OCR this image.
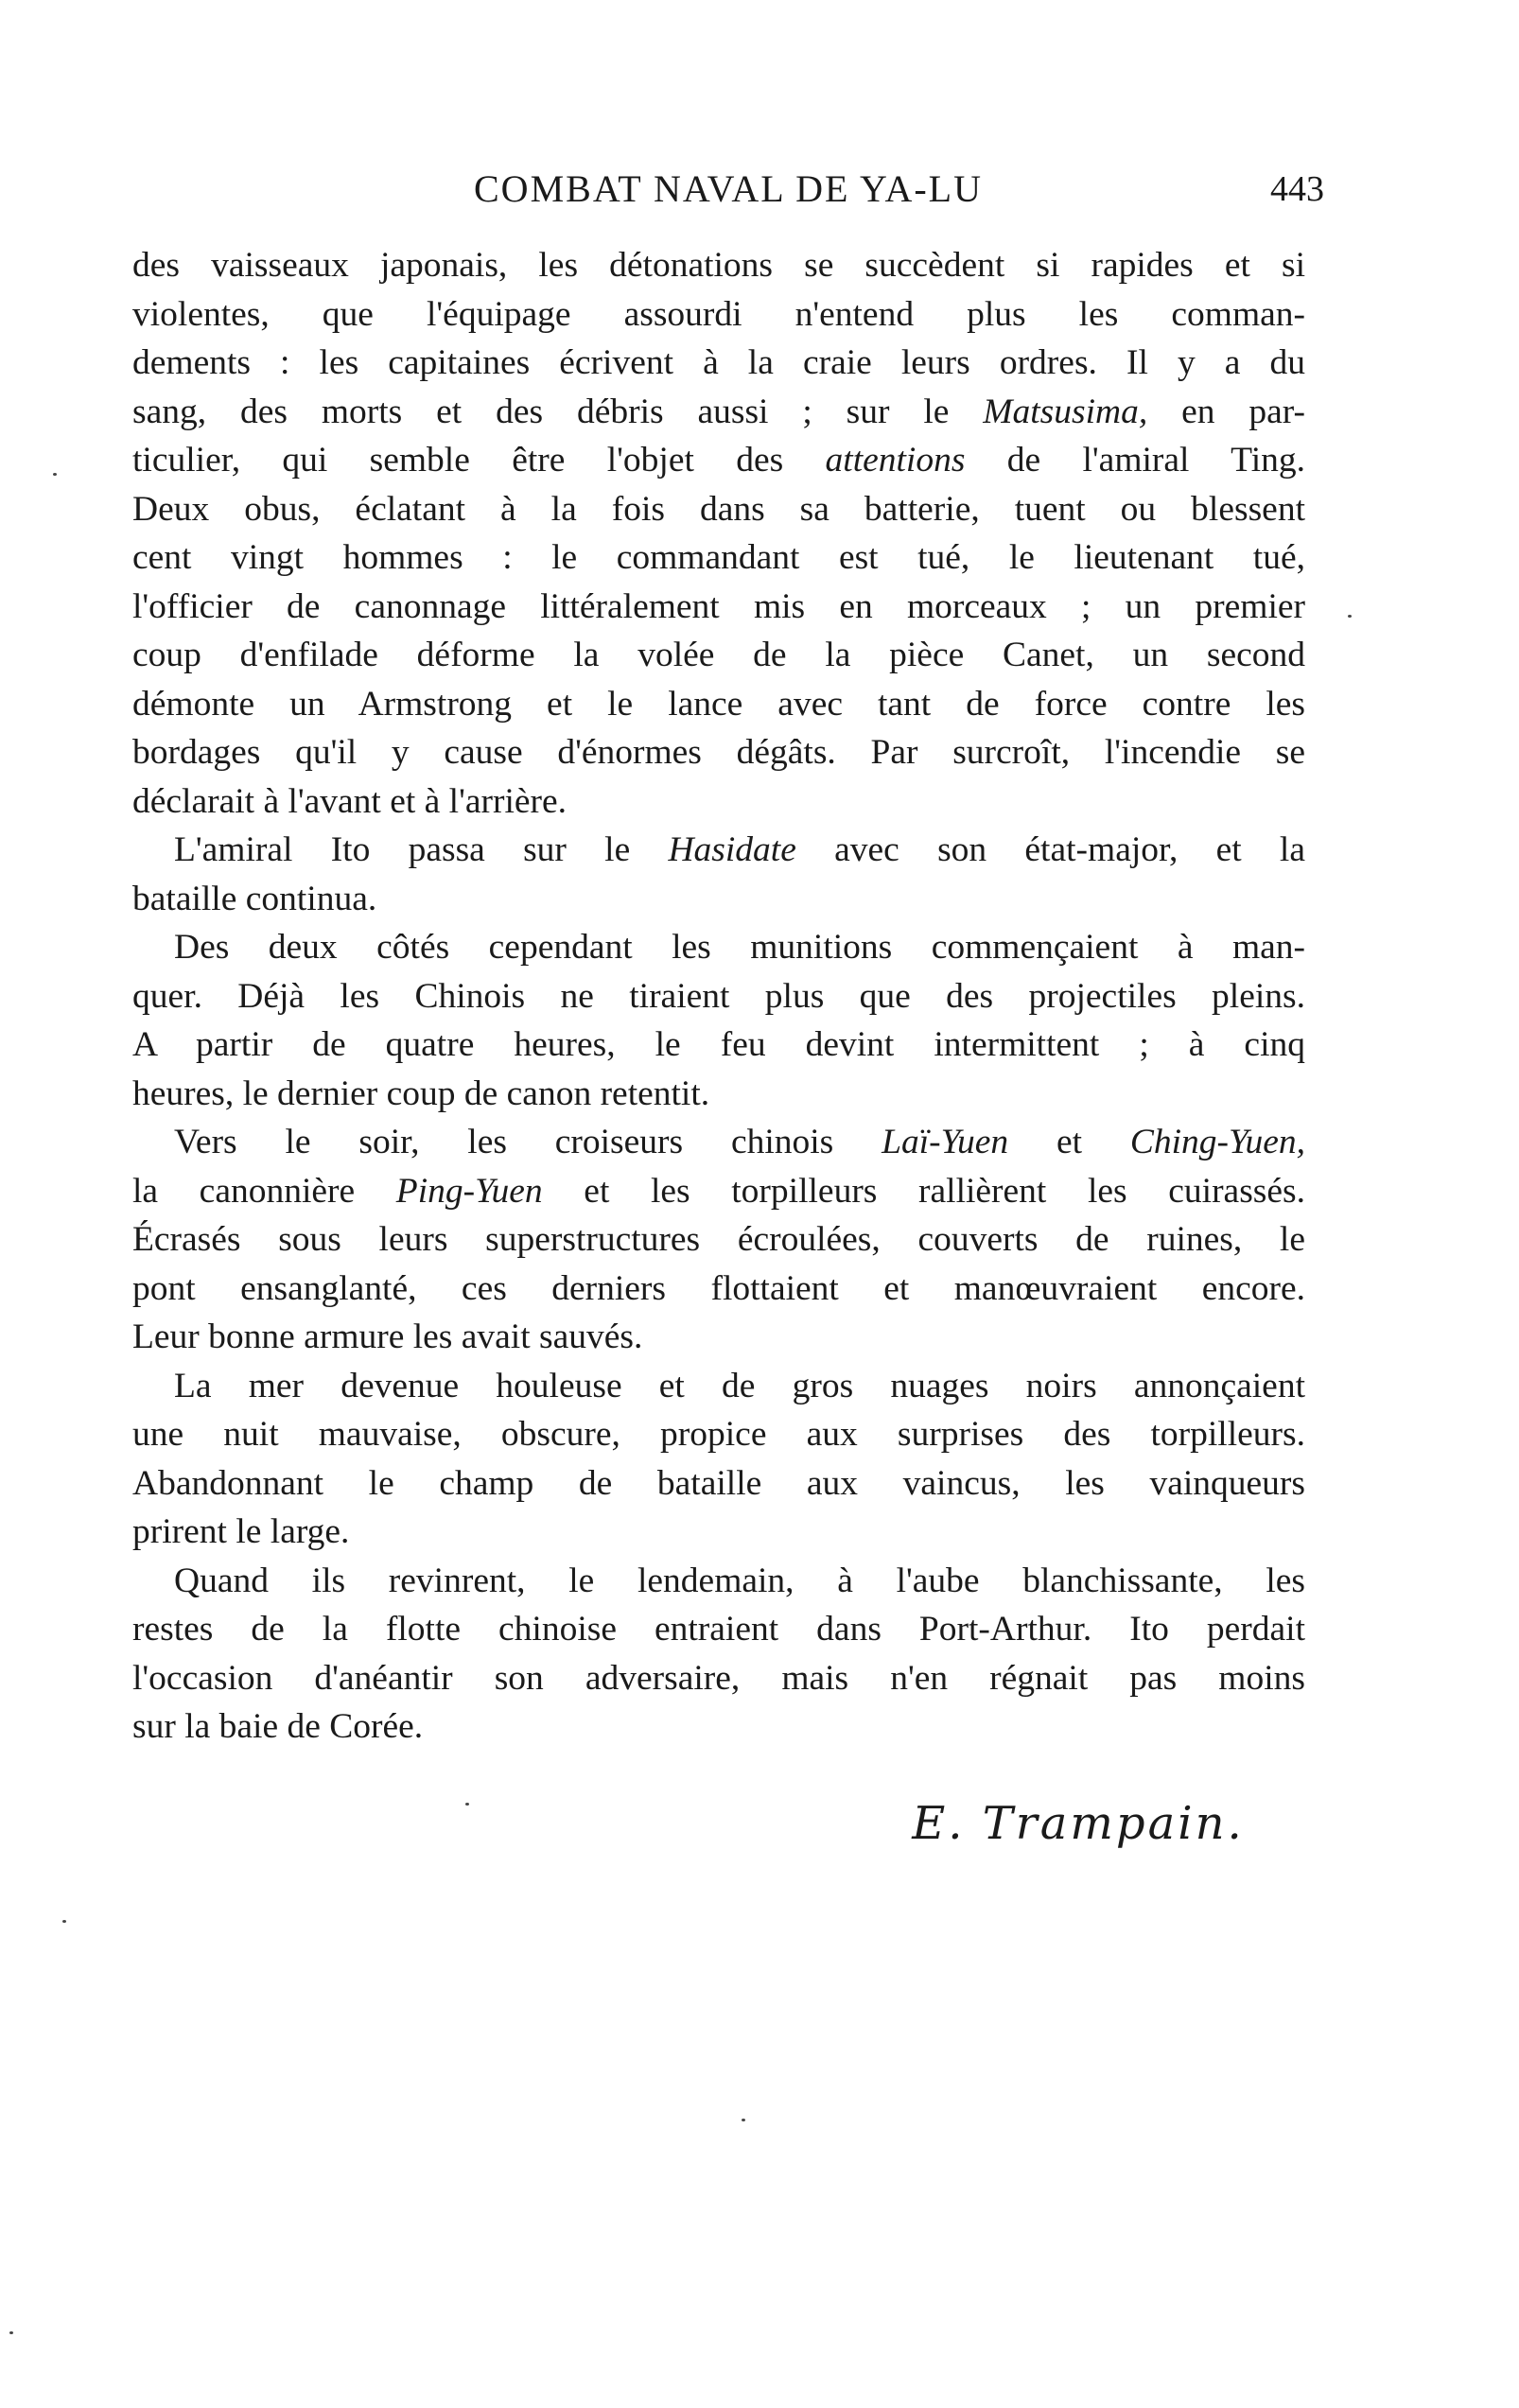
COMBAT NAVAL DE YA-LU	443
des vaisseaux japonais, les détonations se succèdent si rapides et si
violentes, que l'équipage assourdi n'entend plus les comman-
dements : les capitaines écrivent à la craie leurs ordres. Il y a du
sang, des morts et des débris aussi ; sur le Matsusima, en par-
ticulier, qui semble être l'objet des attentions de l'amiral Ting.
Deux obus, éclatant à la fois dans sa batterie, tuent ou blessent
cent vingt hommes : le commandant est tué, le lieutenant tué,
l'officier de canonnage littéralement mis en morceaux ; un premier
coup d'enfilade déforme la volée de la pièce Canet, un second
démonte un Armstrong et le lance avec tant de force contre les
bordages qu'il y cause d'énormes dégâts. Par surcroît, l'incendie se
déclarait à l'avant et à l'arrière.
L'amiral Ito passa sur le Hasidate avec son état-major, et la
bataille continua.
Des deux côtés cependant les munitions commençaient à man-
quer. Déjà les Chinois ne tiraient plus que des projectiles pleins.
A partir de quatre heures, le feu devint intermittent ; à cinq
heures, le dernier coup de canon retentit.
Vers le soir, les croiseurs chinois Laï-Yuen et Ching-Yuen,
la canonnière Ping-Yuen et les torpilleurs rallièrent les cuirassés.
Écrasés sous leurs superstructures écroulées, couverts de ruines, le
pont ensanglanté, ces derniers flottaient et manœuvraient encore.
Leur bonne armure les avait sauvés.
La mer devenue houleuse et de gros nuages noirs annonçaient
une nuit mauvaise, obscure, propice aux surprises des torpilleurs.
Abandonnant le champ de bataille aux vaincus, les vainqueurs
prirent le large.
Quand ils revinrent, le lendemain, à l'aube blanchissante, les
restes de la flotte chinoise entraient dans Port-Arthur. Ito perdait
l'occasion d'anéantir son adversaire, mais n'en régnait pas moins
sur la baie de Corée.
E. Trampain.
